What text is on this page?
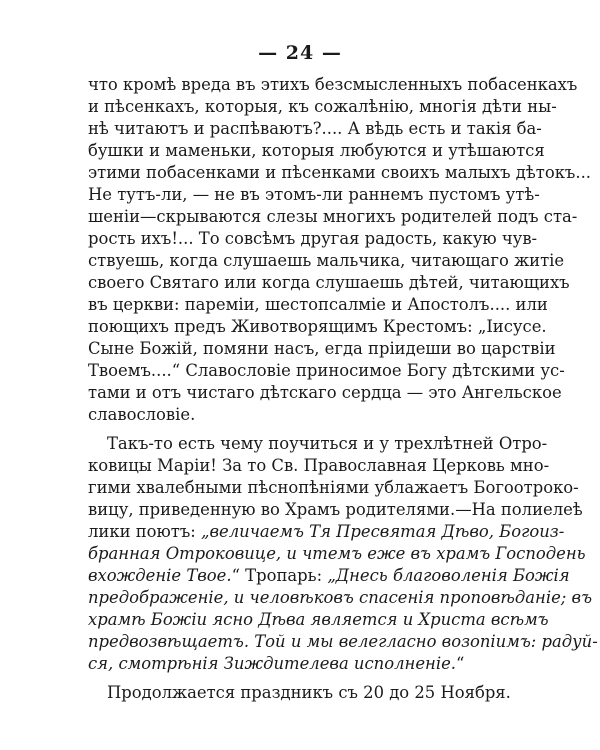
— 24 —
что кромѣ вреда въ этихъ безсмысленныхъ побасенкахъ
и пѣсенкахъ, которыя, къ сожалѣнію, многія дѣти ны-
нѣ читаютъ и распѣваютъ?.... А вѣдь есть и такія ба-
бушки и маменьки, которыя любуются и утѣшаются
этими побасенками и пѣсенками своихъ малыхъ дѣтокъ...
Не тутъ-ли, — не въ этомъ-ли раннемъ пустомъ утѣ-
шеніи—скрываются слезы многихъ родителей подъ ста-
рость ихъ!... То совсѣмъ другая радость, какую чув-
ствуешь, когда слушаешь мальчика, читающаго житіе
своего Святаго или когда слушаешь дѣтей, читающихъ
въ церкви: пареміи, шестопсалміе и Апостолъ.... или
поющихъ предъ Животворящимъ Крестомъ: „Іисусе.
Сыне Божій, помяни насъ, егда пріидеши во царствіи
Твоемъ....“ Славословіе приносимое Богу дѣтскими ус-
тами и отъ чистаго дѣтскаго сердца — это Ангельское
славословіе.
Такъ-то есть чему поучиться и у трехлѣтней Отро-
ковицы Маріи! За то Св. Православная Церковь мно-
гими хвалебными пѣснопѣніями ублажаетъ Богоотроко-
вицу, приведенную во Храмъ родителями.—На полиелеѣ
лики поютъ: „величаемъ Тя Пресвятая Дѣво, Богоиз-
бранная Отроковице, и чтемъ еже въ храмъ Господень
вхожденіе Твое.“ Тропарь: „Днесь благоволенія Божія
предображеніе, и человѣковъ спасенія проповѣданіе; въ
храмѣ Божіи ясно Дѣва является и Христа всѣмъ
предвозвѣщаетъ. Той и мы велегласно возопіимъ: радуй-
ся, смотрѣнія Зиждителева исполненіе.“
Продолжается праздникъ съ 20 до 25 Ноября.
